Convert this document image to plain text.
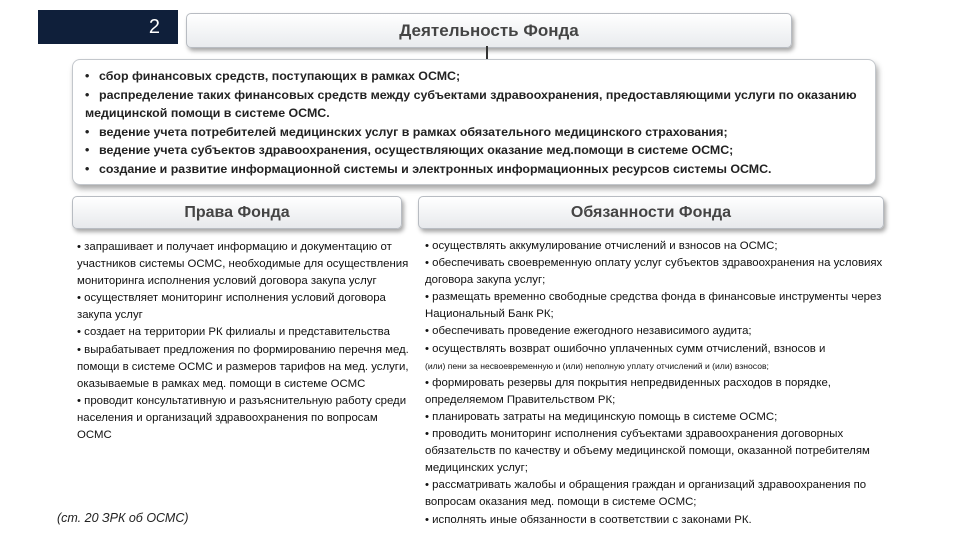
2	Деятельность Фонда
• сбор финансовых средств, поступающих в рамках ОСМС;
• распределение таких финансовых средств между субъектами здравоохранения, предоставляющими услуги по оказанию медицинской помощи в системе ОСМС.
• ведение учета потребителей медицинских услуг в рамках обязательного медицинского страхования;
• ведение учета субъектов здравоохранения, осуществляющих оказание мед.помощи в системе ОСМС;
• создание и развитие информационной системы и электронных информационных ресурсов системы ОСМС.
Права Фонда	Обязанности Фонда

• запрашивает и получает информацию и документацию от участников системы ОСМС, необходимые для осуществления мониторинга исполнения условий договора закупа услуг

• осуществляет мониторинг исполнения условий договора закупа услуг

• создает на территории РК филиалы и представительства

• вырабатывает предложения по формированию перечня мед. помощи в системе ОСМС и размеров тарифов на мед. услуги, оказываемые в рамках мед. помощи в системе ОСМС

• проводит консультативную и разъяснительную работу среди населения и организаций здравоохранения по вопросам ОСМС

• осуществлять аккумулирование отчислений и взносов на ОСМС;

• обеспечивать своевременную оплату услуг субъектов здравоохранения на условиях договора закупа услуг;

• размещать временно свободные средства фонда в финансовые инструменты через Национальный Банк РК;

• обеспечивать проведение ежегодного независимого аудита;

• осуществлять возврат ошибочно уплаченных сумм отчислений, взносов и
(или) пени за несвоевременную и (или) неполную уплату отчислений и (или) взносов;

• формировать резервы для покрытия непредвиденных расходов в порядке, определяемом Правительством РК;

• планировать затраты на медицинскую помощь в системе ОСМС;

• проводить мониторинг исполнения субъектами здравоохранения договорных обязательств по качеству и объему медицинской помощи, оказанной потребителям медицинских услуг;

• рассматривать жалобы и обращения граждан и организаций здравоохранения по вопросам оказания мед. помощи в системе ОСМС;

• исполнять иные обязанности в соответствии с законами РК.

(ст. 20 ЗРК об ОСМС)
